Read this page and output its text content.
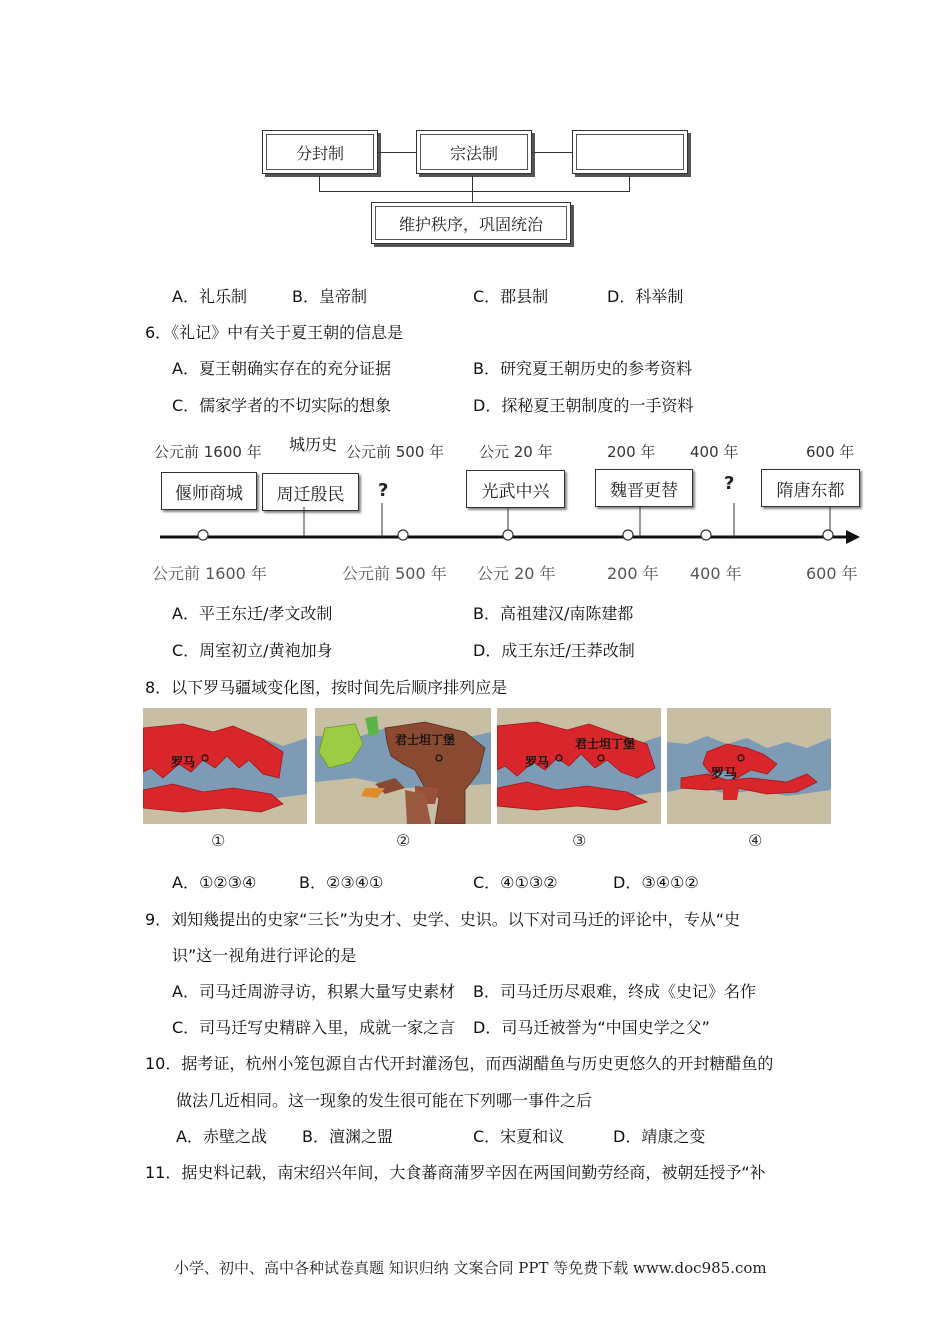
分封制	宗法制
维护秩序，巩固统治
A．礼乐制	B．皇帝制	C．郡县制	D．科举制
6．《礼记》中有关于夏王朝的信息是
A．夏王朝确实存在的充分证据	B．研究夏王朝历史的参考资料
C．儒家学者的不切实际的想象	D．探秘夏王朝制度的一手资料
城历史
公元前 1600 年	公元前 500 年 公元 20 年	200 年 400 年	600 年
偃师商城	周迁殷民	?	光武中兴	魏晋更替	?	隋唐东都
公元前 1600 年	公元前 500 年 公元 20 年	200 年 400 年	600 年
A．平王东迁/孝文改制	B．高祖建汉/南陈建都
C．周室初立/黄袍加身	D．成王东迁/王莽改制
8．以下罗马疆域变化图，按时间先后顺序排列应是
罗马
君士坦丁堡
罗马
君士坦丁堡
罗马
①	②	③	④
A．①②③④	B．②③④①	C．④①③②	D．③④①②
9．刘知幾提出的史家“三长”为史才、史学、史识。以下对司马迁的评论中，专从“史
识”这一视角进行评论的是
A．司马迁周游寻访，积累大量写史素材 B．司马迁历尽艰难，终成《史记》名作
C．司马迁写史精辟入里，成就一家之言 D．司马迁被誉为“中国史学之父”
10．据考证，杭州小笼包源自古代开封灌汤包，而西湖醋鱼与历史更悠久的开封糖醋鱼的
做法几近相同。这一现象的发生很可能在下列哪一事件之后
A．赤壁之战 B．澶渊之盟	C．宋夏和议	D．靖康之变
11．据史料记载，南宋绍兴年间，大食蕃商蒲罗辛因在两国间勤劳经商，被朝廷授予“补
小学、初中、高中各种试卷真题 知识归纳 文案合同 PPT 等免费下载 www.doc985.com
